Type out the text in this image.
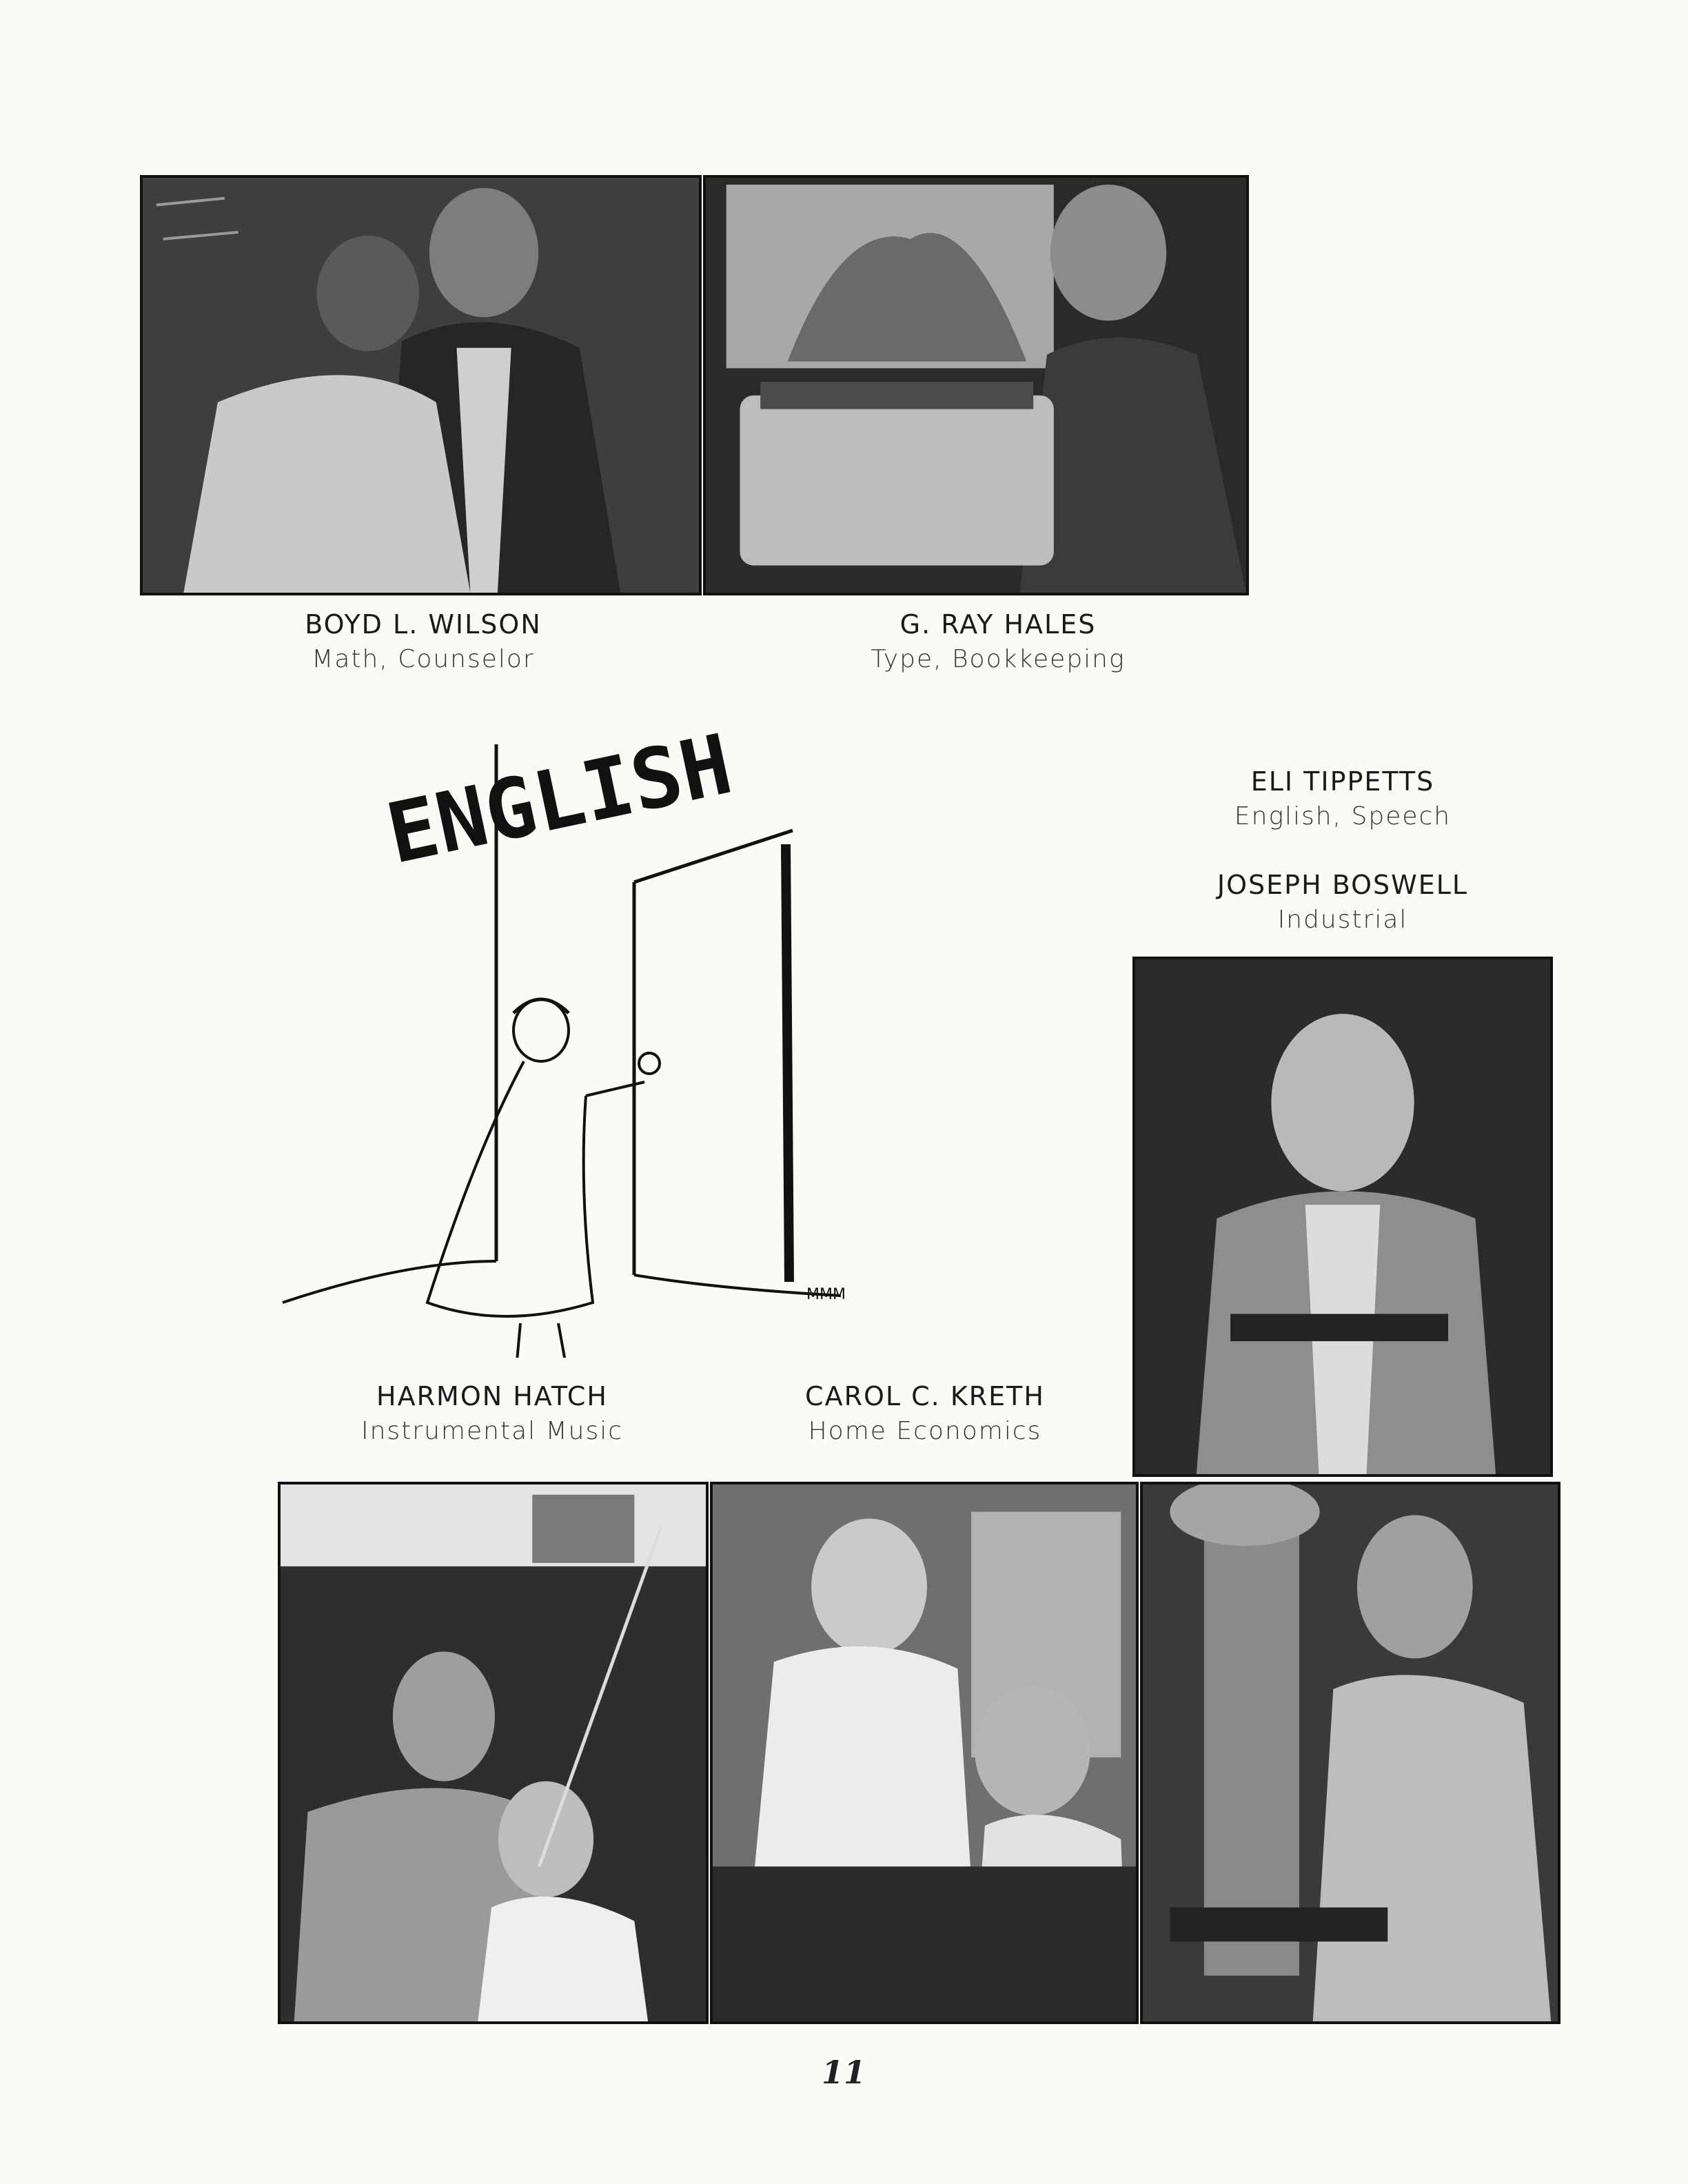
BOYD L. WILSON
Math, Counselor
G. RAY HALES
Type, Bookkeeping
ENGLISH
MMM
ELI TIPPETTS
English, Speech
JOSEPH BOSWELL
Industrial
HARMON HATCH
Instrumental Music
CAROL C. KRETH
Home Economics
11
